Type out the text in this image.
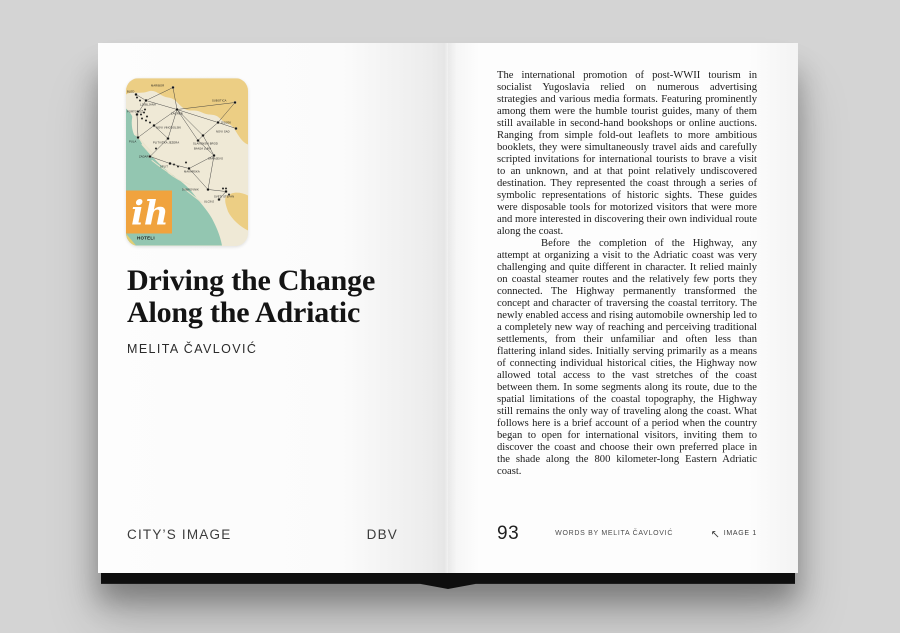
MARIBOR
BLED
LJUBLJANA
PORTOROŽ
PULA
ZAGREB
SUBOTICA
OSIJEK
NOVI SAD
NOVI VINODOLSKI
PLITVIČKA JEZERA	SLAVONSKI BROD
BANJA LUKA
SARAJEVO
ZADAR
SPLIT
MAKARSKA
DUBROVNIK
SVETI STEFAN
ULCINJ
ih
HOTELI
Driving the Change
Along the Adriatic
MELITA ČAVLOVIĆ
CITY’S IMAGE	DBV

The international promotion of post-WWII tourism in socialist Yugoslavia relied on numerous advertising strategies and various media formats. Featuring prominently among them were the humble tourist guides, many of them still available in second-hand bookshops or online auctions. Ranging from simple fold-out leaflets to more ambitious booklets, they were simultaneously travel aids and carefully scripted invitations for international tourists to brave a visit to an unknown, and at that point relatively undiscovered destination. They represented the coast through a series of symbolic representations of historic sights. These guides were disposable tools for motorized visitors that were more and more interested in discovering their own individual route along the coast.

Before the completion of the Highway, any attempt at organizing a visit to the Adriatic coast was very challenging and quite different in character. It relied mainly on coastal steamer routes and the relatively few ports they connected. The Highway permanently transformed the concept and character of traversing the coastal territory. The newly enabled access and rising automobile ownership led to a completely new way of reaching and perceiving traditional settlements, from their unfamiliar and often less than flattering inland sides. Initially serving primarily as a means of connecting individual historical cities, the Highway now allowed total access to the vast stretches of the coast between them. In some segments along its route, due to the spatial limitations of the coastal topography, the Highway still remains the only way of traveling along the coast. What follows here is a brief account of a period when the country began to open for international visitors, inviting them to discover the coast and choose their own preferred place in the shade along the 800 kilometer-long Eastern Adriatic coast.

93	WORDS BY MELITA ČAVLOVIĆ	IMAGE 1
